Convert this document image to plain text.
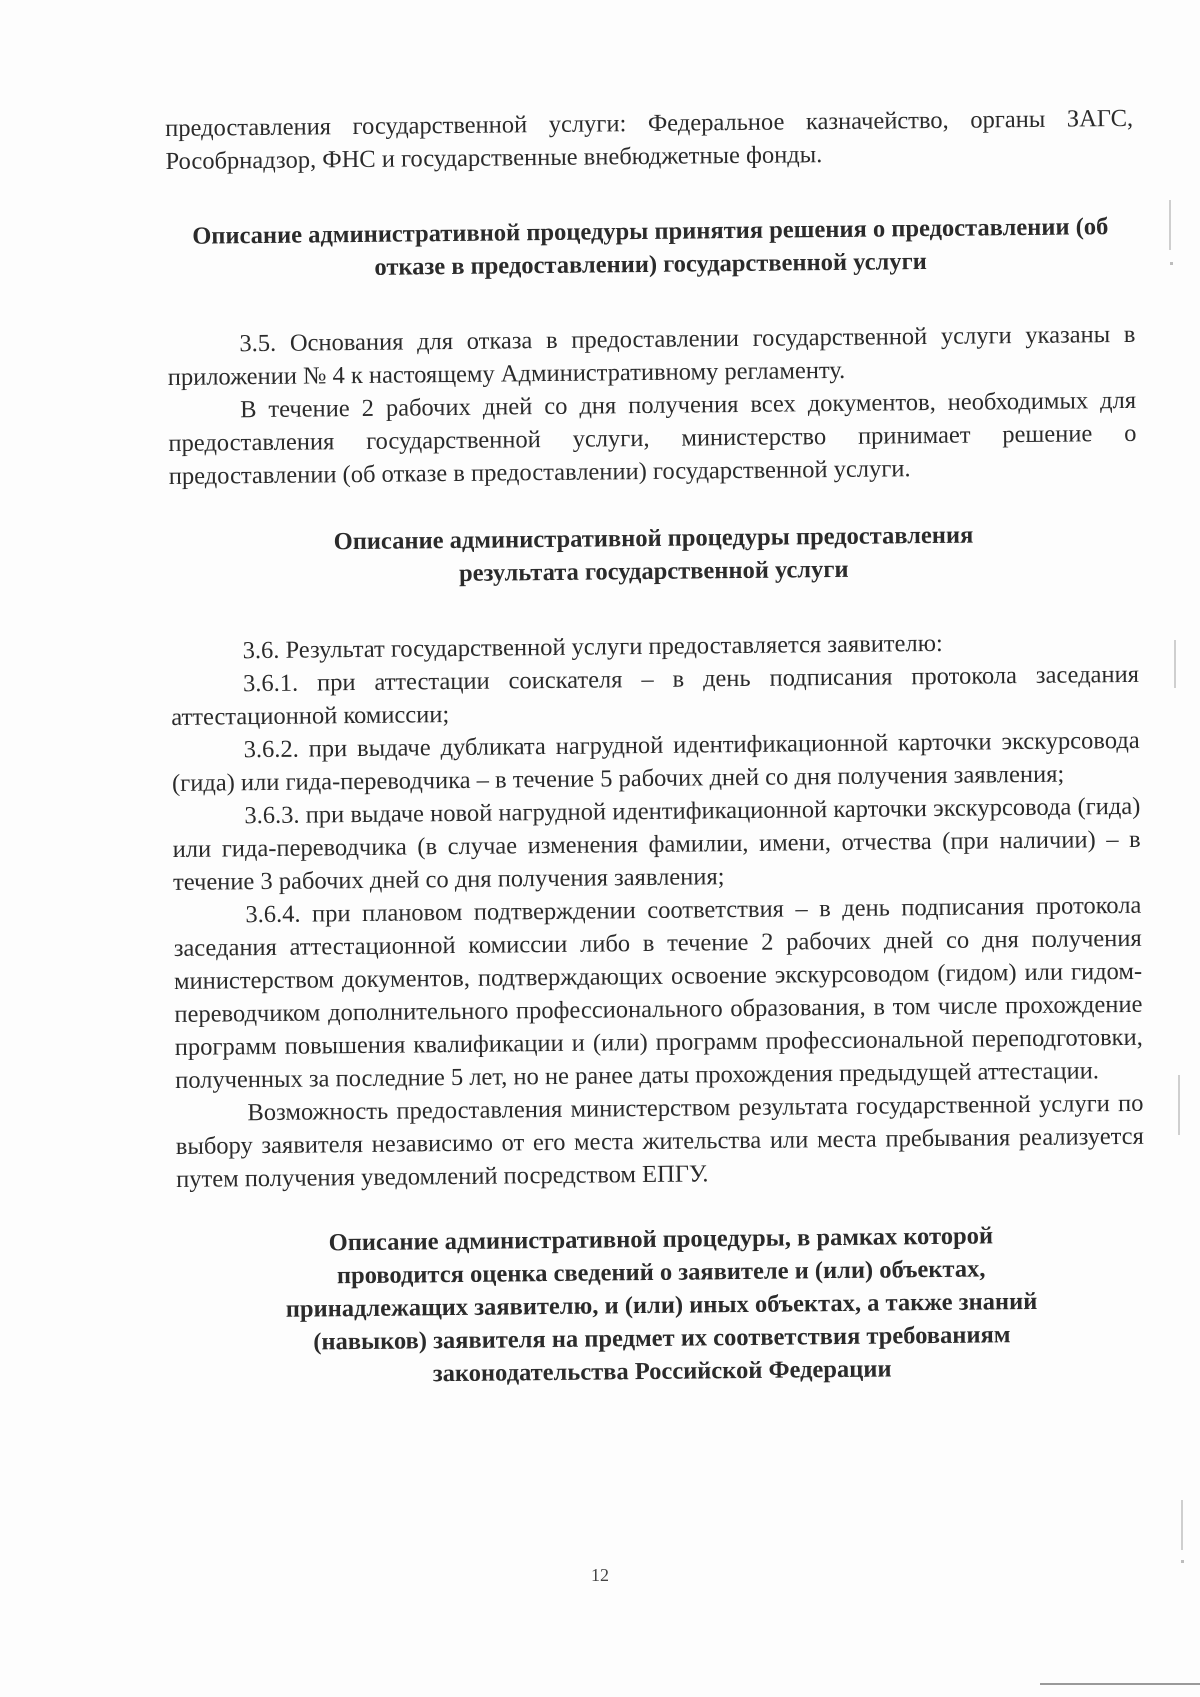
предоставления государственной услуги: Федеральное казначейство, органы ЗАГС, Рособрнадзор, ФНС и государственные внебюджетные фонды.

Описание административной процедуры принятия решения о предоставлении (об отказе в предоставлении) государственной услуги

3.5. Основания для отказа в предоставлении государственной услуги указаны в приложении № 4 к настоящему Административному регламенту.

В течение 2 рабочих дней со дня получения всех документов, необходимых для предоставления государственной услуги, министерство принимает решение о предоставлении (об отказе в предоставлении) государственной услуги.

Описание административной процедуры предоставления
результата государственной услуги

3.6. Результат государственной услуги предоставляется заявителю:

3.6.1. при аттестации соискателя – в день подписания протокола заседания аттестационной комиссии;

3.6.2. при выдаче дубликата нагрудной идентификационной карточки экскурсовода (гида) или гида-переводчика – в течение 5 рабочих дней со дня получения заявления;

3.6.3. при выдаче новой нагрудной идентификационной карточки экскурсовода (гида) или гида-переводчика (в случае изменения фамилии, имени, отчества (при наличии) – в течение 3 рабочих дней со дня получения заявления;

3.6.4. при плановом подтверждении соответствия – в день подписания протокола заседания аттестационной комиссии либо в течение 2 рабочих дней со дня получения министерством документов, подтверждающих освоение экскурсоводом (гидом) или гидом-переводчиком дополнительного профессионального образования, в том числе прохождение программ повышения квалификации и (или) программ профессиональной переподготовки, полученных за последние 5 лет, но не ранее даты прохождения предыдущей аттестации.

Возможность предоставления министерством результата государственной услуги по выбору заявителя независимо от его места жительства или места пребывания реализуется путем получения уведомлений посредством ЕПГУ.

Описание административной процедуры, в рамках которой
проводится оценка сведений о заявителе и (или) объектах,
принадлежащих заявителю, и (или) иных объектах, а также знаний
(навыков) заявителя на предмет их соответствия требованиям
законодательства Российской Федерации
12
